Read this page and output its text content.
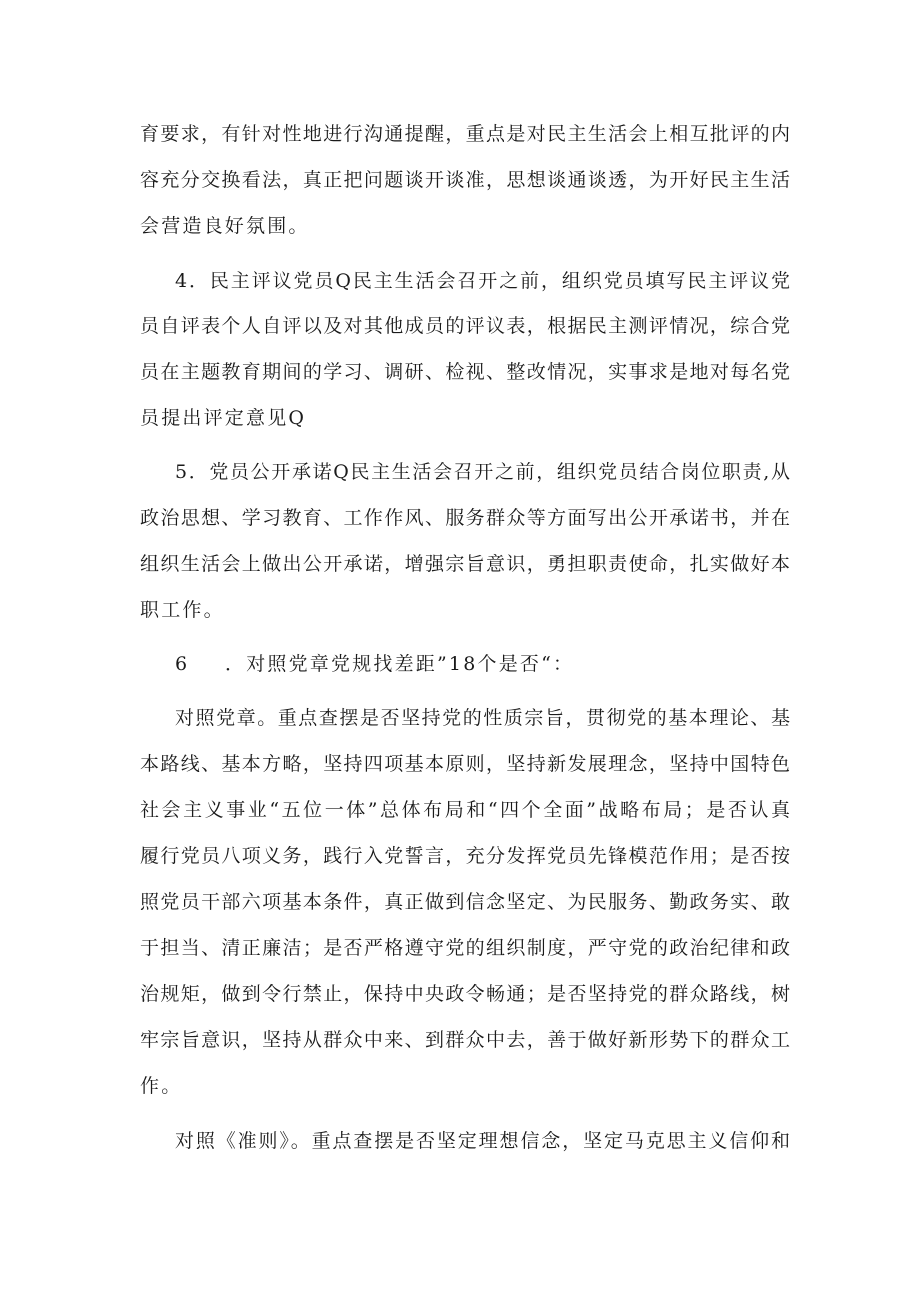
育要求，有针对性地进行沟通提醒，重点是对民主生活会上相互批评的内
容充分交换看法，真正把问题谈开谈准，思想谈通谈透，为开好民主生活
会营造良好氛围。
4．民主评议党员Q民主生活会召开之前，组织党员填写民主评议党
员自评表个人自评以及对其他成员的评议表，根据民主测评情况，综合党
员在主题教育期间的学习、调研、检视、整改情况，实事求是地对每名党
员提出评定意见Q
5．党员公开承诺Q民主生活会召开之前，组织党员结合岗位职责,从
政治思想、学习教育、工作作风、服务群众等方面写出公开承诺书，并在
组织生活会上做出公开承诺，增强宗旨意识，勇担职责使命，扎实做好本
职工作。
6 ．对照党章党规找差距”18个是否“：
对照党章。重点查摆是否坚持党的性质宗旨，贯彻党的基本理论、基
本路线、基本方略，坚持四项基本原则，坚持新发展理念，坚持中国特色
社会主义事业“五位一体”总体布局和“四个全面”战略布局；是否认真
履行党员八项义务，践行入党誓言，充分发挥党员先锋模范作用；是否按
照党员干部六项基本条件，真正做到信念坚定、为民服务、勤政务实、敢
于担当、清正廉洁；是否严格遵守党的组织制度，严守党的政治纪律和政
治规矩，做到令行禁止，保持中央政令畅通；是否坚持党的群众路线，树
牢宗旨意识，坚持从群众中来、到群众中去，善于做好新形势下的群众工
作。
对照《准则》。重点查摆是否坚定理想信念，坚定马克思主义信仰和
